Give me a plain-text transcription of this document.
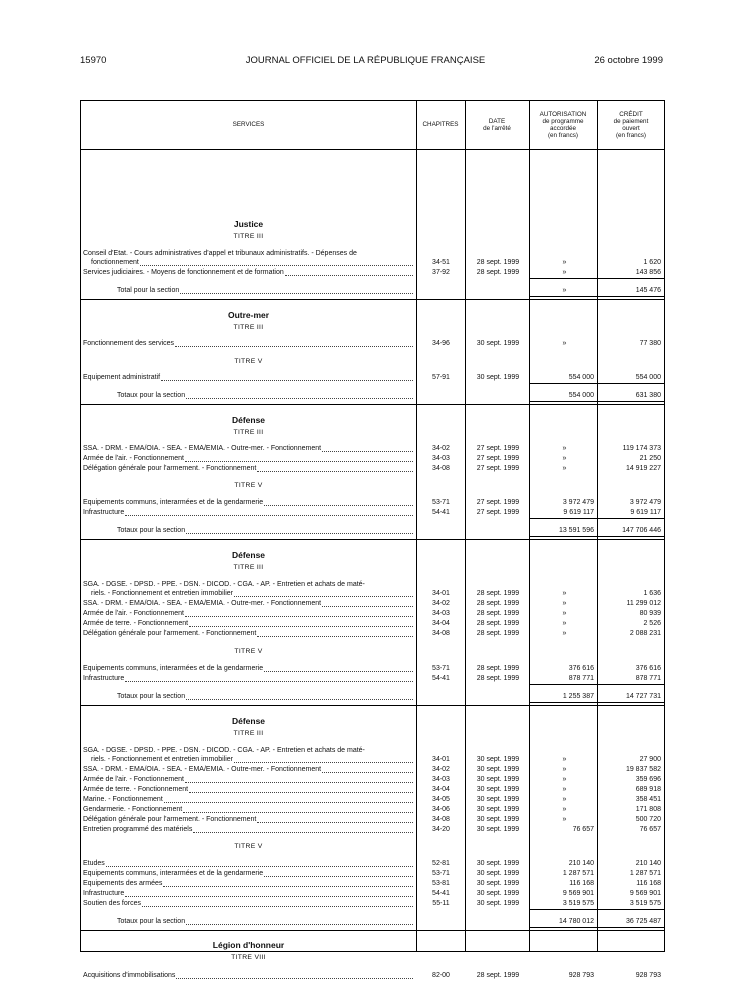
15970	JOURNAL OFFICIEL DE LA RÉPUBLIQUE FRANÇAISE	26 octobre 1999
SERVICES	CHAPITRES
DATE
de l'arrêté
AUTORISATION
de programme
accordée
(en francs)
CRÉDIT
de paiement
ouvert
(en francs)
Justice
TITRE III
Conseil d'Etat. - Cours administratives d'appel et tribunaux administratifs. - Dépenses de
fonctionnement	34-51	28 sept. 1999	»	1 620
Services judiciaires. - Moyens de fonctionnement et de formation	37-92	28 sept. 1999	»	143 856
Total pour la section	»	145 476
Outre-mer
TITRE III
Fonctionnement des services	34-96	30 sept. 1999	»	77 380
TITRE V
Equipement administratif	57-91	30 sept. 1999	554 000	554 000
Totaux pour la section	554 000	631 380
Défense
TITRE III
SSA. - DRM. - EMA/OIA. - SEA. - EMA/EMIA. - Outre-mer. - Fonctionnement	34-02	27 sept. 1999	»	119 174 373
Armée de l'air. - Fonctionnement	34-03	27 sept. 1999	»	21 250
Délégation générale pour l'armement. - Fonctionnement	34-08	27 sept. 1999	»	14 919 227
TITRE V
Equipements communs, interarmées et de la gendarmerie	53-71	27 sept. 1999	3 972 479	3 972 479
Infrastructure	54-41	27 sept. 1999	9 619 117	9 619 117
Totaux pour la section	13 591 596	147 706 446
Défense
TITRE III
SGA. - DGSE. - DPSD. - PPE. - DSN. - DICOD. - CGA. - AP. - Entretien et achats de maté-
riels. - Fonctionnement et entretien immobilier	34-01	28 sept. 1999	»	1 636
SSA. - DRM. - EMA/OIA. - SEA. - EMA/EMIA. - Outre-mer. - Fonctionnement	34-02	28 sept. 1999	»	11 299 012
Armée de l'air. - Fonctionnement	34-03	28 sept. 1999	»	80 939
Armée de terre. - Fonctionnement	34-04	28 sept. 1999	»	2 526
Délégation générale pour l'armement. - Fonctionnement	34-08	28 sept. 1999	»	2 088 231
TITRE V
Equipements communs, interarmées et de la gendarmerie	53-71	28 sept. 1999	376 616	376 616
Infrastructure	54-41	28 sept. 1999	878 771	878 771
Totaux pour la section	1 255 387	14 727 731
Défense
TITRE III
SGA. - DGSE. - DPSD. - PPE. - DSN. - DICOD. - CGA. - AP. - Entretien et achats de maté-
riels. - Fonctionnement et entretien immobilier	34-01	30 sept. 1999	»	27 900
SSA. - DRM. - EMA/OIA. - SEA. - EMA/EMIA. - Outre-mer. - Fonctionnement	34-02	30 sept. 1999	»	19 837 582
Armée de l'air. - Fonctionnement	34-03	30 sept. 1999	»	359 696
Armée de terre. - Fonctionnement	34-04	30 sept. 1999	»	689 918
Marine. - Fonctionnement	34-05	30 sept. 1999	»	358 451
Gendarmerie. - Fonctionnement	34-06	30 sept. 1999	»	171 808
Délégation générale pour l'armement. - Fonctionnement	34-08	30 sept. 1999	»	500 720
Entretien programmé des matériels	34-20	30 sept. 1999	76 657	76 657
TITRE V
Etudes	52-81	30 sept. 1999	210 140	210 140
Equipements communs, interarmées et de la gendarmerie	53-71	30 sept. 1999	1 287 571	1 287 571
Equipements des armées	53-81	30 sept. 1999	116 168	116 168
Infrastructure	54-41	30 sept. 1999	9 569 901	9 569 901
Soutien des forces	55-11	30 sept. 1999	3 519 575	3 519 575
Totaux pour la section	14 780 012	36 725 487
Légion d'honneur
TITRE VIII
Acquisitions d'immobilisations	82-00	28 sept. 1999	928 793	928 793
